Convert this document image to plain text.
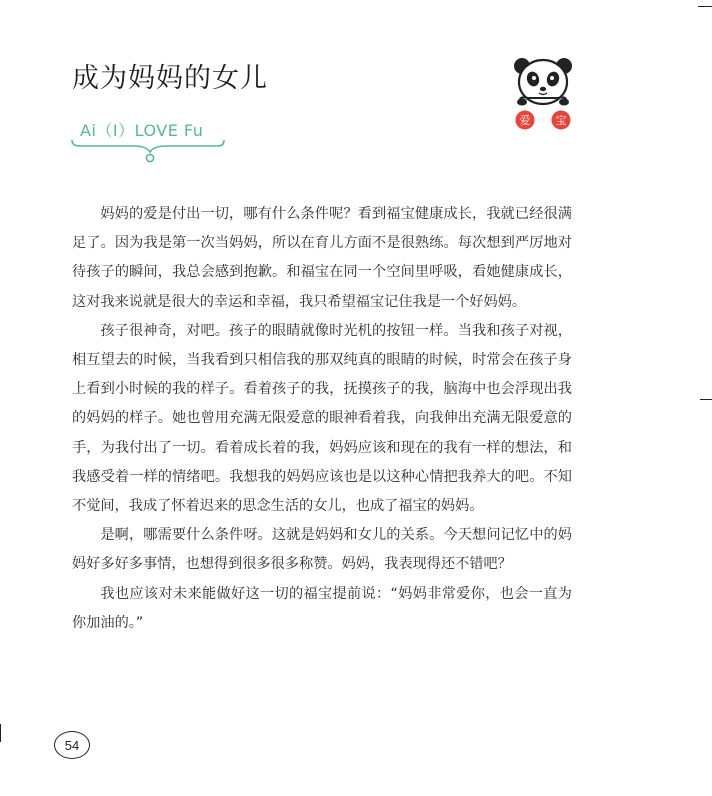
成为妈妈的女儿
Ai（I）LOVE Fu
爱 宝

妈妈的爱是付出一切，哪有什么条件呢？看到福宝健康成长，我就已经很满足了。因为我是第一次当妈妈，所以在育儿方面不是很熟练。每次想到严厉地对待孩子的瞬间，我总会感到抱歉。和福宝在同一个空间里呼吸，看她健康成长，这对我来说就是很大的幸运和幸福，我只希望福宝记住我是一个好妈妈。

孩子很神奇，对吧。孩子的眼睛就像时光机的按钮一样。当我和孩子对视，相互望去的时候，当我看到只相信我的那双纯真的眼睛的时候，时常会在孩子身上看到小时候的我的样子。看着孩子的我，抚摸孩子的我，脑海中也会浮现出我的妈妈的样子。她也曾用充满无限爱意的眼神看着我，向我伸出充满无限爱意的手，为我付出了一切。看着成长着的我，妈妈应该和现在的我有一样的想法，和我感受着一样的情绪吧。我想我的妈妈应该也是以这种心情把我养大的吧。不知不觉间，我成了怀着迟来的思念生活的女儿，也成了福宝的妈妈。

是啊，哪需要什么条件呀。这就是妈妈和女儿的关系。今天想问记忆中的妈妈好多好多事情，也想得到很多很多称赞。妈妈，我表现得还不错吧？

我也应该对未来能做好这一切的福宝提前说：“妈妈非常爱你，也会一直为你加油的。”

54
